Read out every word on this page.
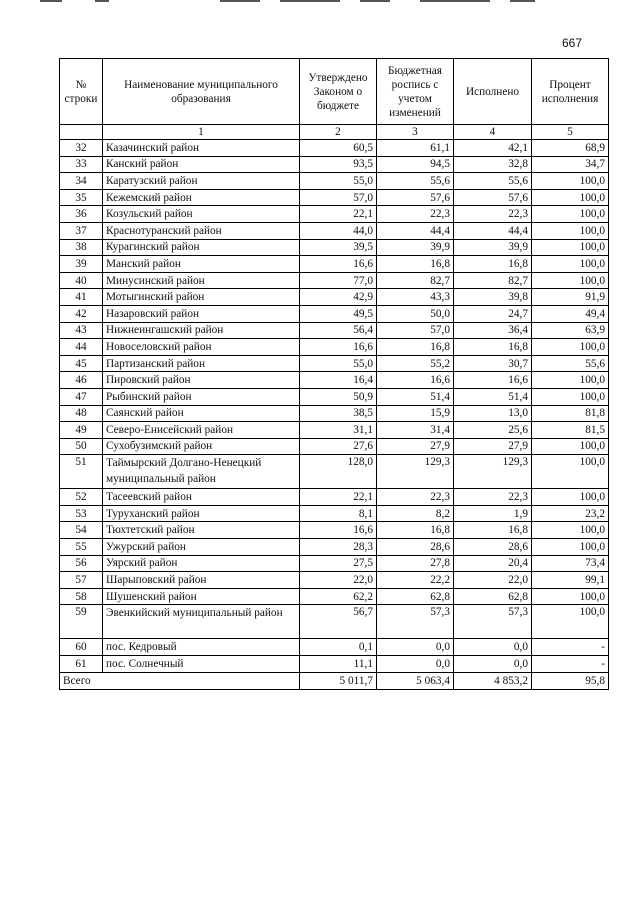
667
№ строки	Наименование муниципального образования	Утверждено Законом о бюджете	Бюджетная роспись с учетом изменений	Исполнено	Процент исполнения
	1	2	3	4	5
32	Казачинский район	60,5	61,1	42,1	68,9
33	Канский район	93,5	94,5	32,8	34,7
34	Каратузский район	55,0	55,6	55,6	100,0
35	Кежемский район	57,0	57,6	57,6	100,0
36	Козульский район	22,1	22,3	22,3	100,0
37	Краснотуранский район	44,0	44,4	44,4	100,0
38	Курагинский район	39,5	39,9	39,9	100,0
39	Манский район	16,6	16,8	16,8	100,0
40	Минусинский район	77,0	82,7	82,7	100,0
41	Мотыгинский район	42,9	43,3	39,8	91,9
42	Назаровский район	49,5	50,0	24,7	49,4
43	Нижнеингашский район	56,4	57,0	36,4	63,9
44	Новоселовский район	16,6	16,8	16,8	100,0
45	Партизанский район	55,0	55,2	30,7	55,6
46	Пировский район	16,4	16,6	16,6	100,0
47	Рыбинский район	50,9	51,4	51,4	100,0
48	Саянский район	38,5	15,9	13,0	81,8
49	Северо-Енисейский район	31,1	31,4	25,6	81,5
50	Сухобузимский район	27,6	27,9	27,9	100,0
51	Таймырский Долгано-Ненецкий муниципальный район	128,0	129,3	129,3	100,0
52	Тасеевский район	22,1	22,3	22,3	100,0
53	Туруханский район	8,1	8,2	1,9	23,2
54	Тюхтетский район	16,6	16,8	16,8	100,0
55	Ужурский район	28,3	28,6	28,6	100,0
56	Уярский район	27,5	27,8	20,4	73,4
57	Шарыповский район	22,0	22,2	22,0	99,1
58	Шушенский район	62,2	62,8	62,8	100,0
59	Эвенкийский муниципальный район	56,7	57,3	57,3	100,0
60	пос. Кедровый	0,1	0,0	0,0	-
61	пос. Солнечный	11,1	0,0	0,0	-
Всего		5 011,7	5 063,4	4 853,2	95,8
